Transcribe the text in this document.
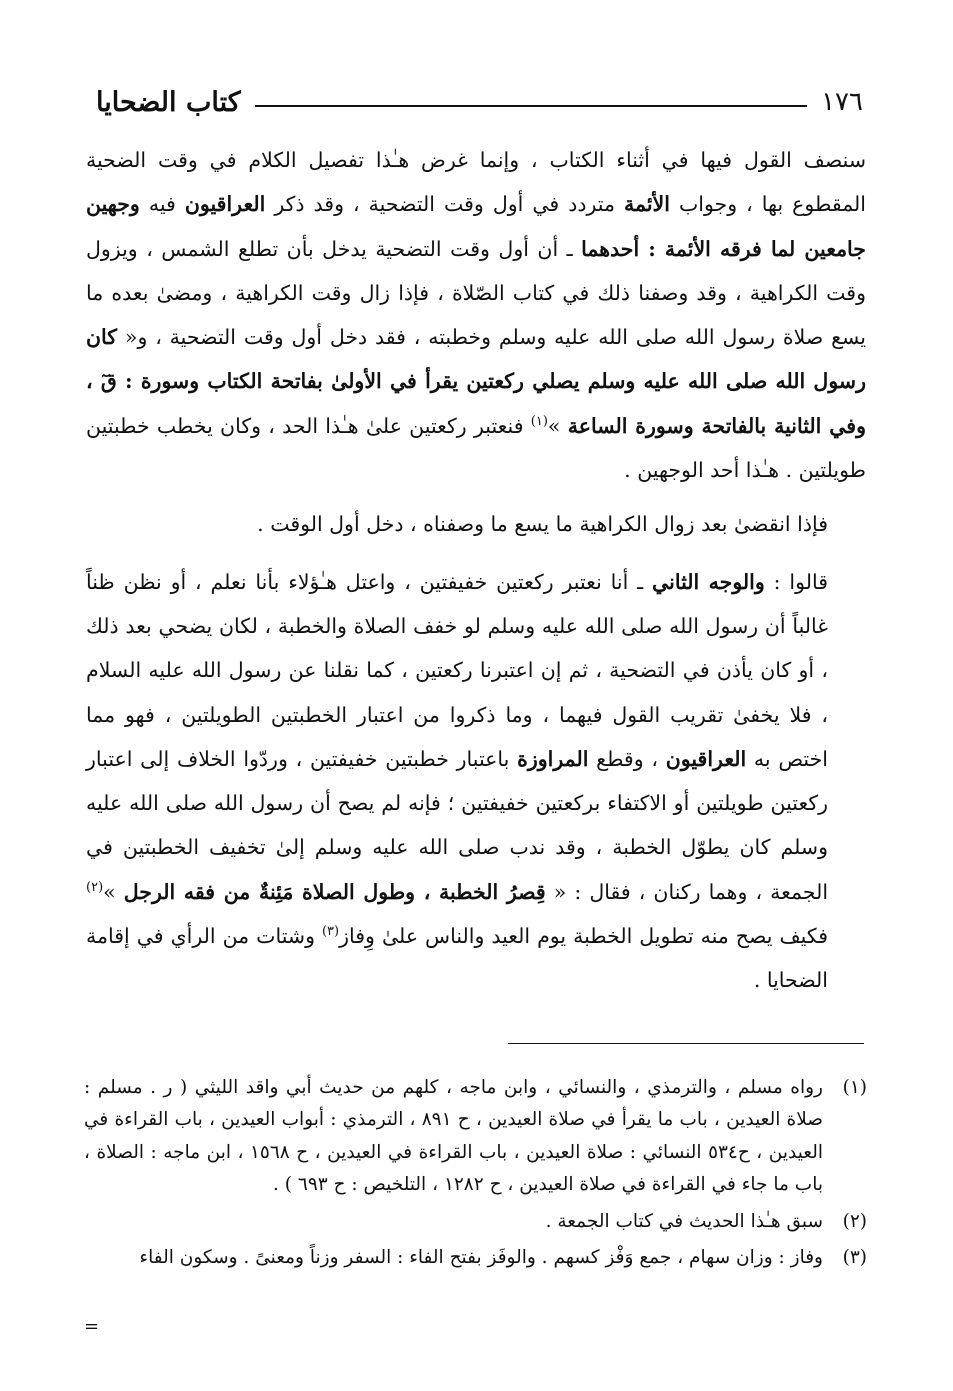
١٧٦
كتاب الضحايا

سنصف القول فيها في أثناء الكتاب ، وإنما غرض هـٰذا تفصيل الكلام في وقت الضحية المقطوع بها ، وجواب الأئمة متردد في أول وقت التضحية ، وقد ذكر العراقيون فيه وجهين جامعين لما فرقه الأئمة : أحدهما ـ أن أول وقت التضحية يدخل بأن تطلع الشمس ، ويزول وقت الكراهية ، وقد وصفنا ذلك في كتاب الصّلاة ، فإذا زال وقت الكراهية ، ومضىٰ بعده ما يسع صلاة رسول الله صلى الله عليه وسلم وخطبته ، فقد دخل أول وقت التضحية ، و« كان رسول الله صلى الله عليه وسلم يصلي ركعتين يقرأ في الأولىٰ بفاتحة الكتاب وسورة : قٓ ، وفي الثانية بالفاتحة وسورة الساعة »$^{(١)}$ فنعتبر ركعتين علىٰ هـٰذا الحد ، وكان يخطب خطبتين طويلتين . هـٰذا أحد الوجهين .

فإذا انقضىٰ بعد زوال الكراهية ما يسع ما وصفناه ، دخل أول الوقت .

قالوا : والوجه الثاني ـ أنا نعتبر ركعتين خفيفتين ، واعتل هـٰؤلاء بأنا نعلم ، أو نظن ظناً غالباً أن رسول الله صلى الله عليه وسلم لو خفف الصلاة والخطبة ، لكان يضحي بعد ذلك ، أو كان يأذن في التضحية ، ثم إن اعتبرنا ركعتين ، كما نقلنا عن رسول الله عليه السلام ، فلا يخفىٰ تقريب القول فيهما ، وما ذكروا من اعتبار الخطبتين الطويلتين ، فهو مما اختص به العراقيون ، وقطع المراوزة باعتبار خطبتين خفيفتين ، وردّوا الخلاف إلى اعتبار ركعتين طويلتين أو الاكتفاء بركعتين خفيفتين ؛ فإنه لم يصح أن رسول الله صلى الله عليه وسلم كان يطوّل الخطبة ، وقد ندب صلى الله عليه وسلم إلىٰ تخفيف الخطبتين في الجمعة ، وهما ركنان ، فقال : « قِصرُ الخطبة ، وطول الصلاة مَئِنةٌ من فقه الرجل »$^{(٢)}$ فكيف يصح منه تطويل الخطبة يوم العيد والناس علىٰ وِفاز$^{(٣)}$ وشتات من الرأي في إقامة الضحايا .

(١)
رواه مسلم ، والترمذي ، والنسائي ، وابن ماجه ، كلهم من حديث أبي واقد الليثي ( ر . مسلم : صلاة العيدين ، باب ما يقرأ في صلاة العيدين ، ح ٨٩١ ، الترمذي : أبواب العيدين ، باب القراءة في العيدين ، ح٥٣٤ النسائي : صلاة العيدين ، باب القراءة في العيدين ، ح ١٥٦٨ ، ابن ماجه : الصلاة ، باب ما جاء في القراءة في صلاة العيدين ، ح ١٢٨٢ ، التلخيص : ح ٦٩٣ ) .
(٢)
سبق هـٰذا الحديث في كتاب الجمعة .
(٣)
وفاز : وزان سهام ، جمع وَفْز كسهم . والوفَز بفتح الفاء : السفر وزناً ومعنىً . وسكون الفاء
=
